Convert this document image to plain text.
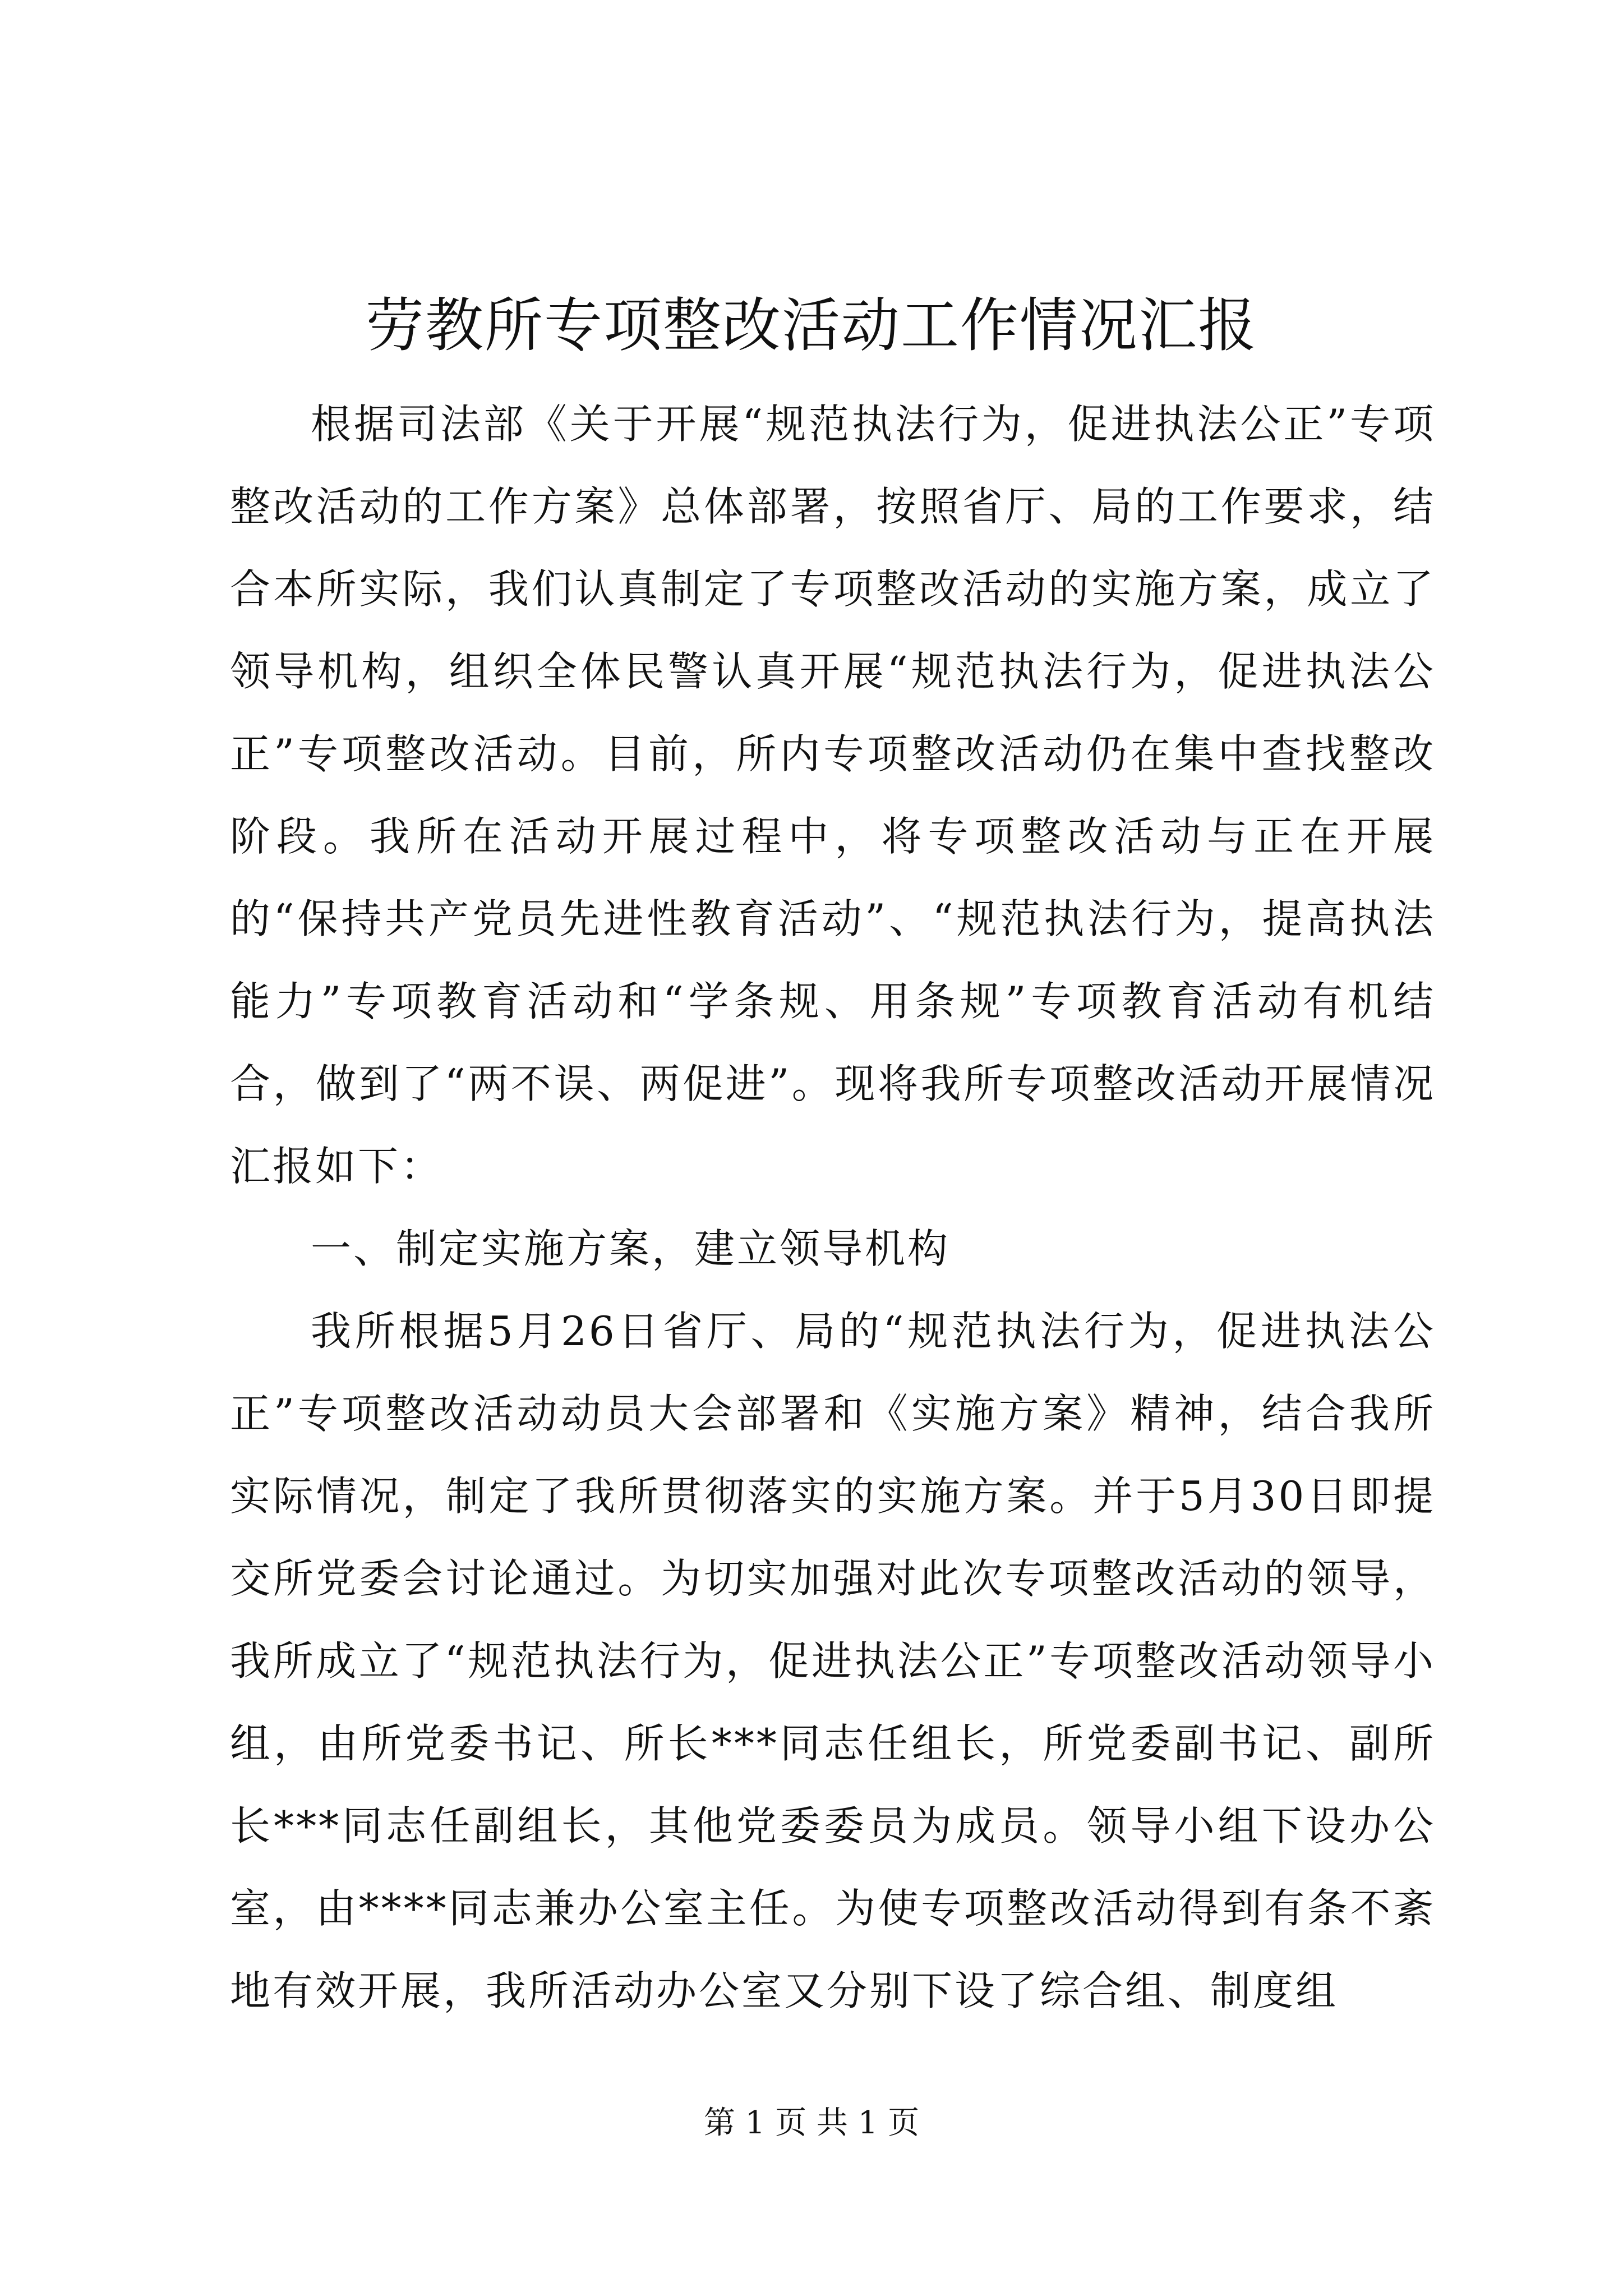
劳教所专项整改活动工作情况汇报

根据司法部《关于开展“规范执法行为，促进执法公正”专项整改活动的工作方案》总体部署，按照省厅、局的工作要求，结合本所实际，我们认真制定了专项整改活动的实施方案，成立了领导机构，组织全体民警认真开展“规范执法行为，促进执法公正”专项整改活动。目前，所内专项整改活动仍在集中查找整改阶段。我所在活动开展过程中，将专项整改活动与正在开展的“保持共产党员先进性教育活动”、“规范执法行为，提高执法能力”专项教育活动和“学条规、用条规”专项教育活动有机结合，做到了“两不误、两促进”。现将我所专项整改活动开展情况汇报如下：

一、制定实施方案，建立领导机构

我所根据5月26日省厅、局的“规范执法行为，促进执法公正”专项整改活动动员大会部署和《实施方案》精神，结合我所实际情况，制定了我所贯彻落实的实施方案。并于5月30日即提交所党委会讨论通过。为切实加强对此次专项整改活动的领导，我所成立了“规范执法行为，促进执法公正”专项整改活动领导小组，由所党委书记、所长***同志任组长，所党委副书记、副所长***同志任副组长，其他党委委员为成员。领导小组下设办公室，由****同志兼办公室主任。为使专项整改活动得到有条不紊地有效开展，我所活动办公室又分别下设了综合组、制度组

第 1 页 共 1 页
